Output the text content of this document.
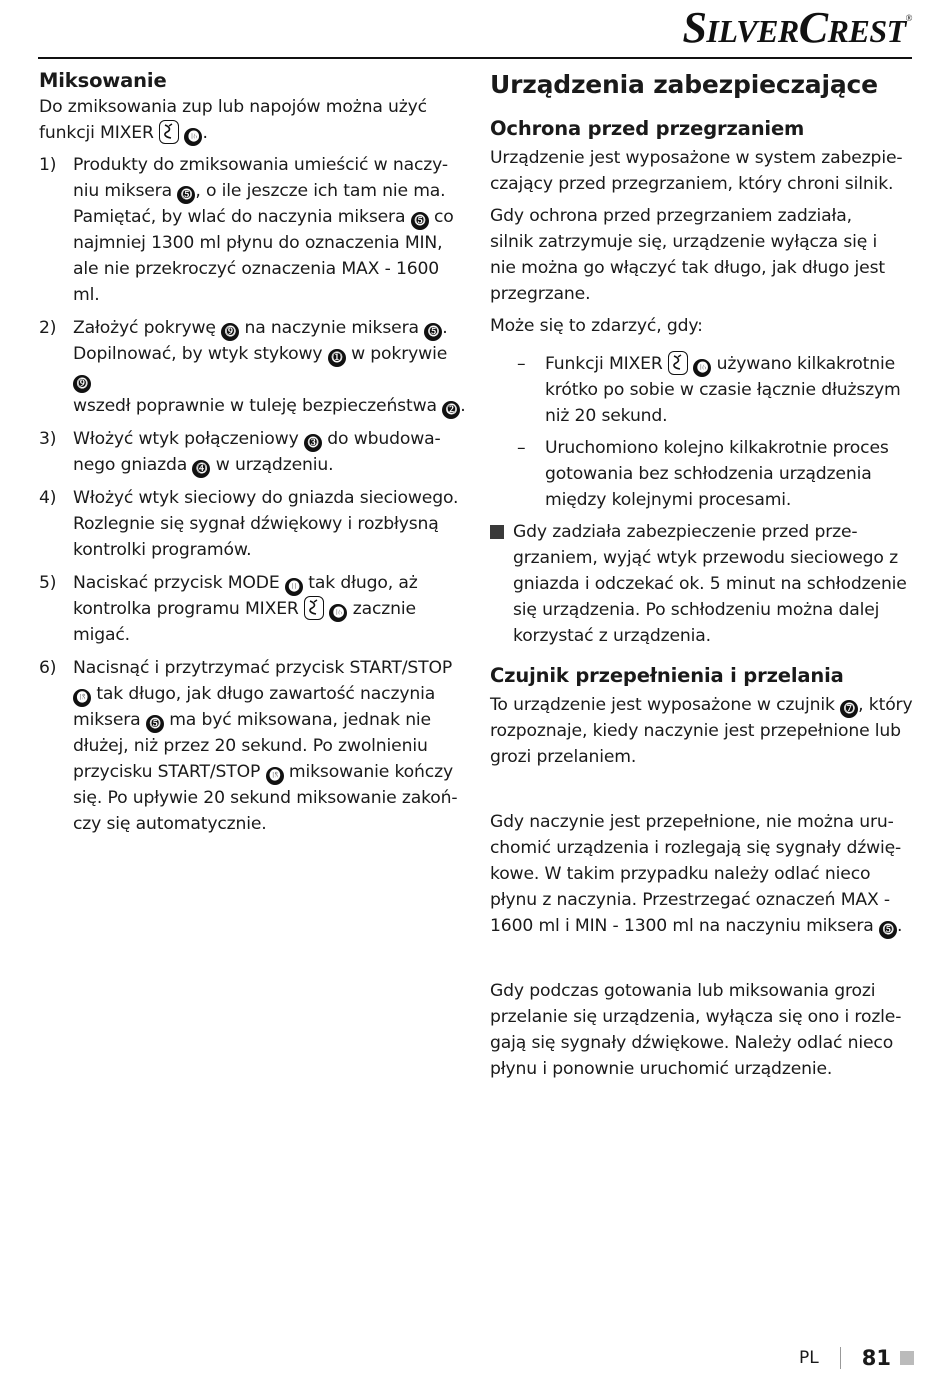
SILVERCREST®
Miksowanie

Do zmiksowania zup lub napojów można użyć
funkcji MIXER	⓰ .

1) Produkty do zmiksowania umieścić w naczy-
niu miksera ⓹ , o ile jeszcze ich tam nie ma.
Pamiętać, by wlać do naczynia miksera ⓹ co
najmniej 1300 ml płynu do oznaczenia MIN,
ale nie przekroczyć oznaczenia MAX - 1600 ml.
2) Założyć pokrywę ⓽ na naczynie miksera ⓹ .
Dopilnować, by wtyk stykowy ⓵ w pokrywie ⓽
wszedł poprawnie w tuleję bezpieczeństwa ⓶ .
3) Włożyć wtyk połączeniowy ⓷ do wbudowa-
nego gniazda ⓸ w urządzeniu.
4) Włożyć wtyk sieciowy do gniazda sieciowego.
Rozlegnie się sygnał dźwiękowy i rozbłysną
kontrolki programów.
5) Naciskać przycisk MODE ⓫ tak długo, aż
kontrolka programu MIXER	⓰ zacznie
migać.
6) Nacisnąć i przytrzymać przycisk START/STOP
⓲ tak długo, jak długo zawartość naczynia
miksera ⓹ ma być miksowana, jednak nie
dłużej, niż przez 20 sekund. Po zwolnieniu
przycisku START/STOP ⓲ miksowanie kończy
się. Po upływie 20 sekund miksowanie zakoń-
czy się automatycznie.
Urządzenia zabezpieczające
Ochrona przed przegrzaniem

Urządzenie jest wyposażone w system zabezpie-
czający przed przegrzaniem, który chroni silnik.

Gdy ochrona przed przegrzaniem zadziała,
silnik zatrzymuje się, urządzenie wyłącza się i
nie można go włączyć tak długo, jak długo jest
przegrzane.

Może się to zdarzyć, gdy:

–	Funkcji MIXER	⓰ używano kilkakrotnie
krótko po sobie w czasie łącznie dłuższym
niż 20 sekund.
–	Uruchomiono kolejno kilkakrotnie proces
gotowania bez schłodzenia urządzenia
między kolejnymi procesami.
Gdy zadziała zabezpieczenie przed prze-
grzaniem, wyjąć wtyk przewodu sieciowego z
gniazda i odczekać ok. 5 minut na schłodzenie
się urządzenia. Po schłodzeniu można dalej
korzystać z urządzenia.
Czujnik przepełnienia i przelania

To urządzenie jest wyposażone w czujnik ⓻ , który
rozpoznaje, kiedy naczynie jest przepełnione lub
grozi przelaniem.

Gdy naczynie jest przepełnione, nie można uru-
chomić urządzenia i rozlegają się sygnały dźwię-
kowe. W takim przypadku należy odlać nieco
płynu z naczynia. Przestrzegać oznaczeń MAX -
1600 ml i MIN - 1300 ml na naczyniu miksera ⓹ .

Gdy podczas gotowania lub miksowania grozi
przelanie się urządzenia, wyłącza się ono i rozle-
gają się sygnały dźwiękowe. Należy odlać nieco
płynu i ponownie uruchomić urządzenie.

PL 81
